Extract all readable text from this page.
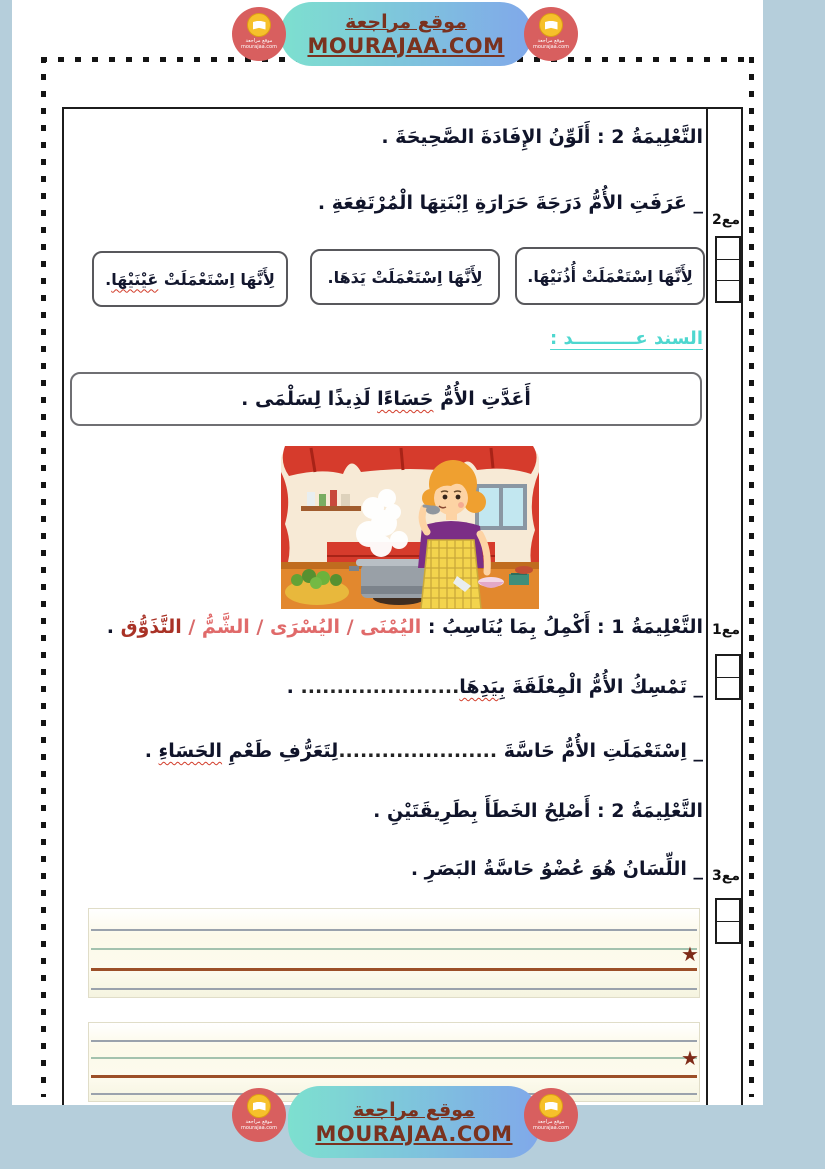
موقع مراجعة
MOURAJAA.COM
موقع مراجعة
mourajaa.com
موقع مراجعة
mourajaa.com
مع2
مع1
مع3
التَّعْلِيمَةُ 2 : أَلَوِّنُ الإِفَادَةَ الصَّحِيحَةَ .
_ عَرَفَتِ الأُمُّ دَرَجَةَ حَرَارَةِ اِبْنَتِهَا الْمُرْتَفِعَةِ .
لِأَنَّهَا اِسْتَعْمَلَتْ أُذُنَيْهَا.
لِأَنَّهَا اِسْتَعْمَلَتْ يَدَهَا.
لِأَنَّهَا اِسْتَعْمَلَتْ عَيْنَيْهَا.
السند عــــــــــد :
أَعَدَّتِ الأُمُّ حَسَاءًا لَذِيذًا لِسَلْمَى .
التَّعْلِيمَةُ 1 : أَكْمِلُ بِمَا يُنَاسِبُ : اليُمْنَى / اليُسْرَى / الشَّمُّ / التَّذَوُّق .
_ تَمْسِكُ الأُمُّ الْمِعْلَقَةَ بِيَدِهَا...................... .
_ اِسْتَعْمَلَتِ الأُمُّ حَاسَّةَ ......................لِتَعَرُّفِ طَعْمِ الحَسَاءِ .
التَّعْلِيمَةُ 2 : أَصْلِحُ الخَطَأَ بِطَرِيقَتَيْنِ .
_ اللِّسَانُ هُوَ عُضْوُ حَاسَّةُ البَصَرِ .
★
★
موقع مراجعة
MOURAJAA.COM
موقع مراجعة
mourajaa.com
موقع مراجعة
mourajaa.com
